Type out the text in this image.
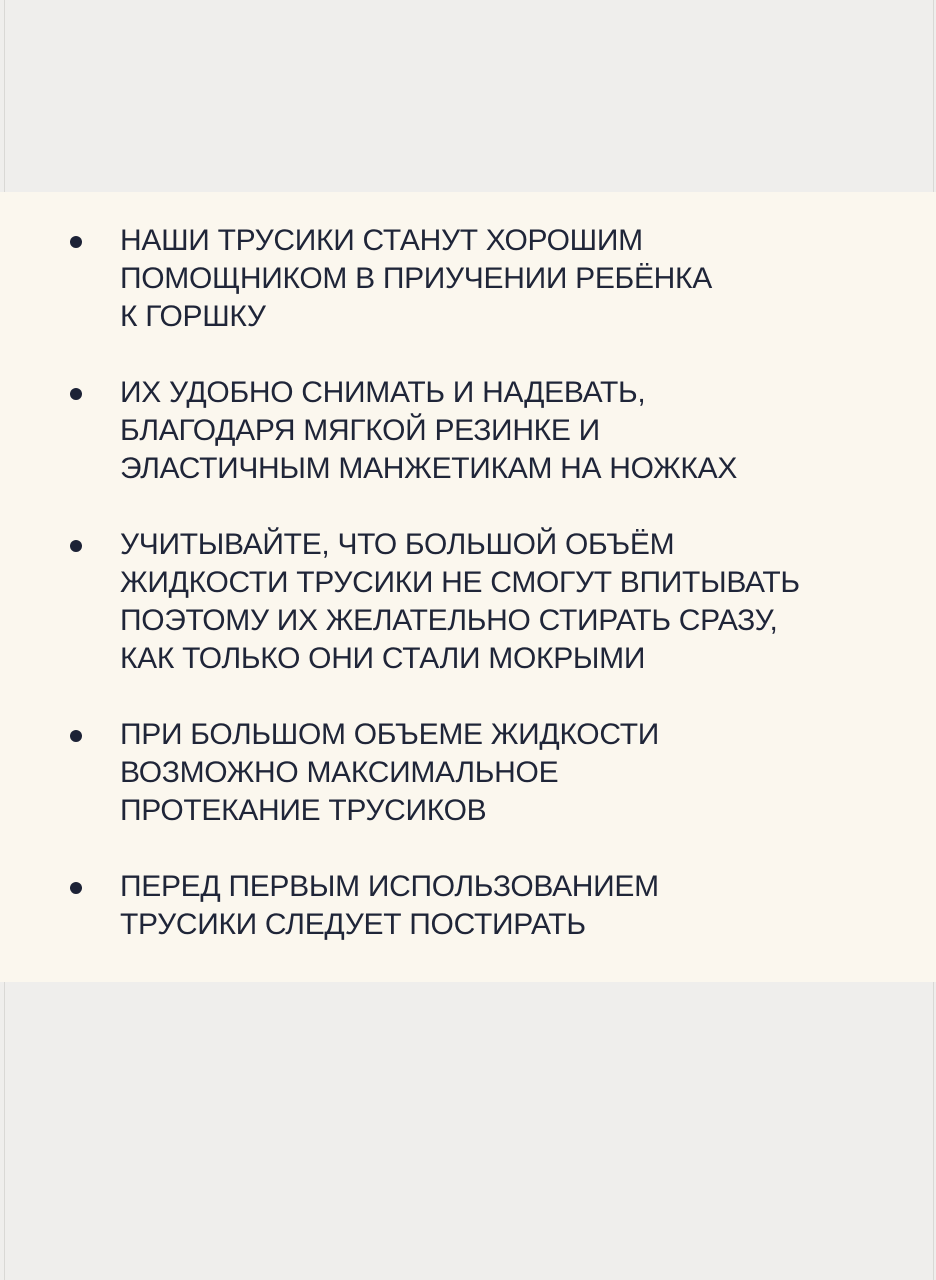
НАШИ ТРУСИКИ СТАНУТ ХОРОШИМ
ПОМОЩНИКОМ В ПРИУЧЕНИИ РЕБЁНКА
К ГОРШКУ
ИХ УДОБНО СНИМАТЬ И НАДЕВАТЬ,
БЛАГОДАРЯ МЯГКОЙ РЕЗИНКЕ И
ЭЛАСТИЧНЫМ МАНЖЕТИКАМ НА НОЖКАХ
УЧИТЫВАЙТЕ, ЧТО БОЛЬШОЙ ОБЪЁМ
ЖИДКОСТИ ТРУСИКИ НЕ СМОГУТ ВПИТЫВАТЬ
ПОЭТОМУ ИХ ЖЕЛАТЕЛЬНО СТИРАТЬ СРАЗУ,
КАК ТОЛЬКО ОНИ СТАЛИ МОКРЫМИ
ПРИ БОЛЬШОМ ОБЪЕМЕ ЖИДКОСТИ
ВОЗМОЖНО МАКСИМАЛЬНОЕ
ПРОТЕКАНИЕ ТРУСИКОВ
ПЕРЕД ПЕРВЫМ ИСПОЛЬЗОВАНИЕМ
ТРУСИКИ СЛЕДУЕТ ПОСТИРАТЬ
